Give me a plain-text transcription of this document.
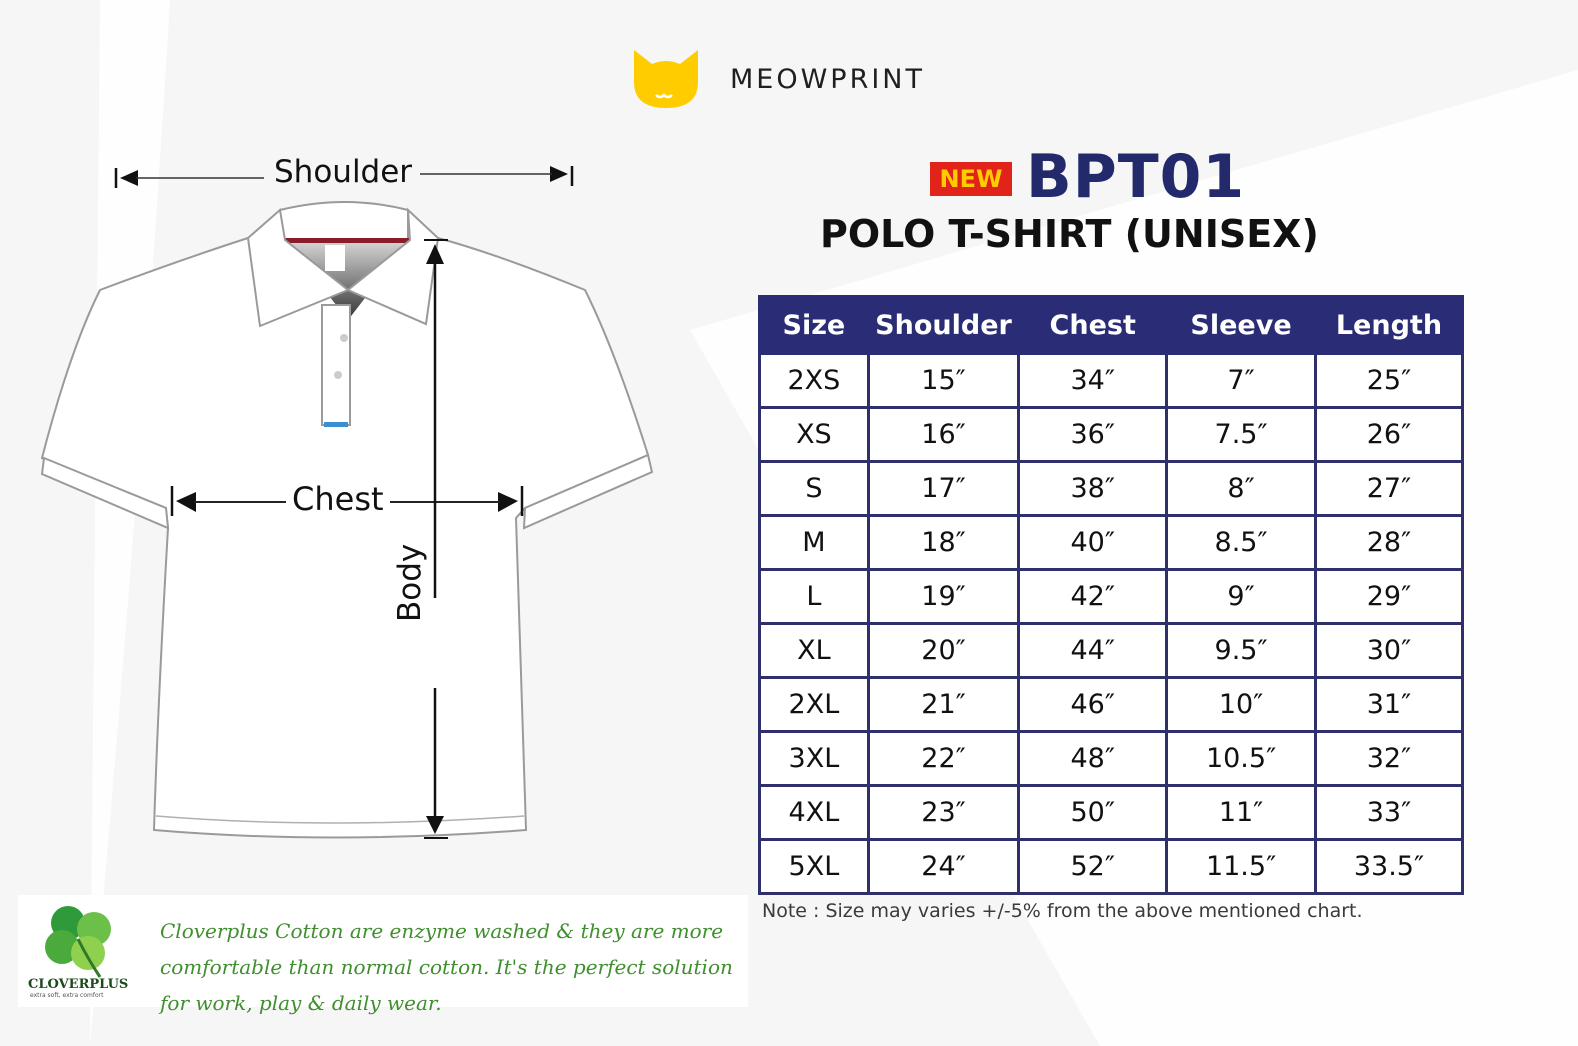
MEOWPRINT
Shoulder
Chest
Body
NEW BPT01
POLO T-SHIRT (UNISEX)
Size	Shoulder	Chest	Sleeve	Length
2XS	15″	34″	7″	25″
XS	16″	36″	7.5″	26″
S	17″	38″	8″	27″
M	18″	40″	8.5″	28″
L	19″	42″	9″	29″
XL	20″	44″	9.5″	30″
2XL	21″	46″	10″	31″
3XL	22″	48″	10.5″	32″
4XL	23″	50″	11″	33″
5XL	24″	52″	11.5″	33.5″
Note : Size may varies +/-5% from the above mentioned chart.
CLOVERPLUS
extra soft, extra comfort
Cloverplus Cotton are enzyme washed & they are more comfortable than normal cotton. It's the perfect solution for work, play & daily wear.
